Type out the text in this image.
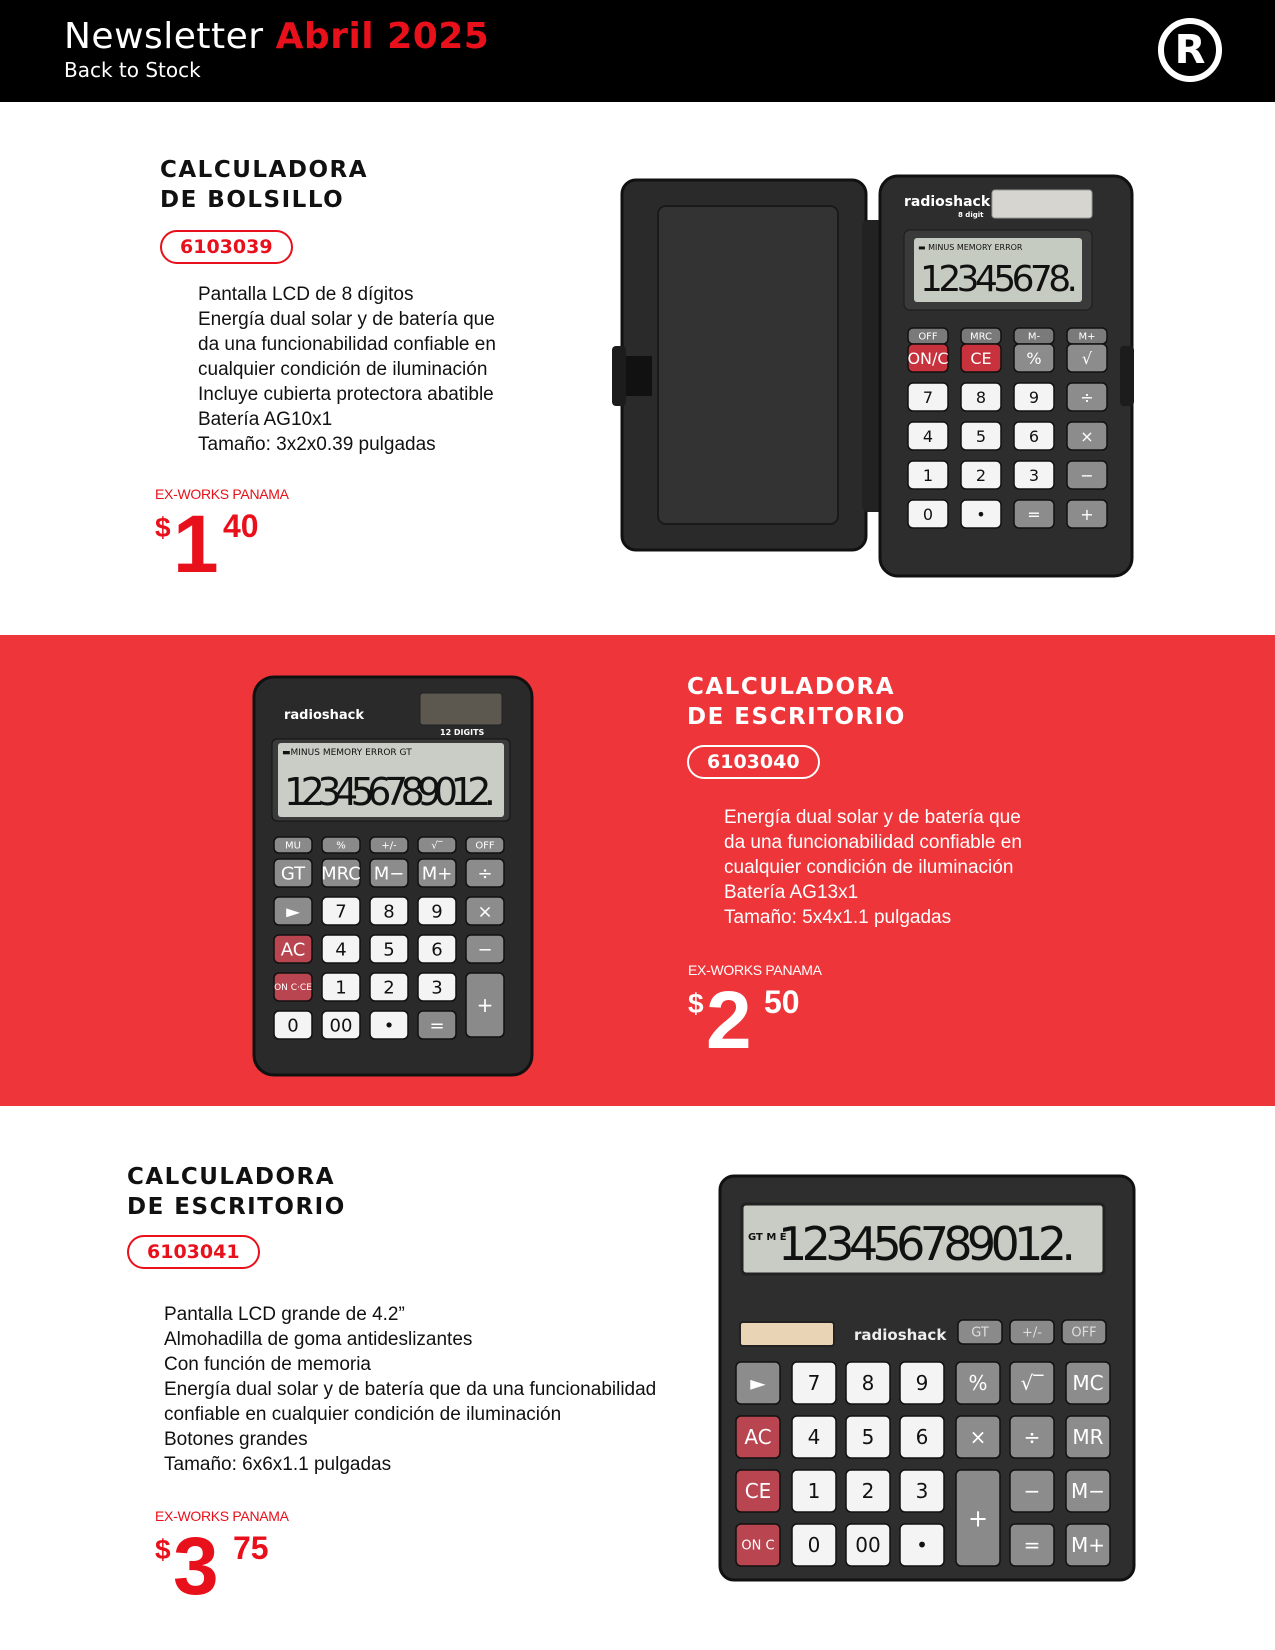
Newsletter Abril 2025
Back to Stock	R
CALCULADORA
DE BOLSILLO
6103039
Pantalla LCD de 8 dígitos
Energía dual solar y de batería que
da una funcionabilidad confiable en
cualquier condición de iluminación
Incluye cubierta protectora abatible
Batería AG10x1
Tamaño: 3x2x0.39 pulgadas
EX-WORKS PANAMA
$ 1 40
radioshack
8 digit
▬ MINUS MEMORY ERROR
12345678.
OFF	MRC	M-	M+
ON/C CE %	√
7	8	9	÷
4	5	6	×
1	2	3	−
0	•	= +
radioshack
12 DIGITS
▬MINUS MEMORY ERROR GT
123456789012.
MU	%	+/-	√‾	OFF
GT MRC M− M+ ÷
► 7 8 9 ×
AC 4 5 6 −
ON C·CE 1 2 3
+
0 00 • =
CALCULADORA
DE ESCRITORIO
6103040
Energía dual solar y de batería que
da una funcionabilidad confiable en
cualquier condición de iluminación
Batería AG13x1
Tamaño: 5x4x1.1 pulgadas
EX-WORKS PANAMA
$ 2 50
CALCULADORA
DE ESCRITORIO
6103041
Pantalla LCD grande de 4.2”
Almohadilla de goma antideslizantes
Con función de memoria
Energía dual solar y de batería que da una funcionabilidad
confiable en cualquier condición de iluminación
Botones grandes
Tamaño: 6x6x1.1 pulgadas
EX-WORKS PANAMA
$ 3 75
GT M E
123456789012.
radioshack GT	+/- OFF
► 7 8 9 % √‾ MC
AC 4 5 6 × ÷ MR
CE 1 2 3
+
− M−
ON C 0 00 •	= M+
